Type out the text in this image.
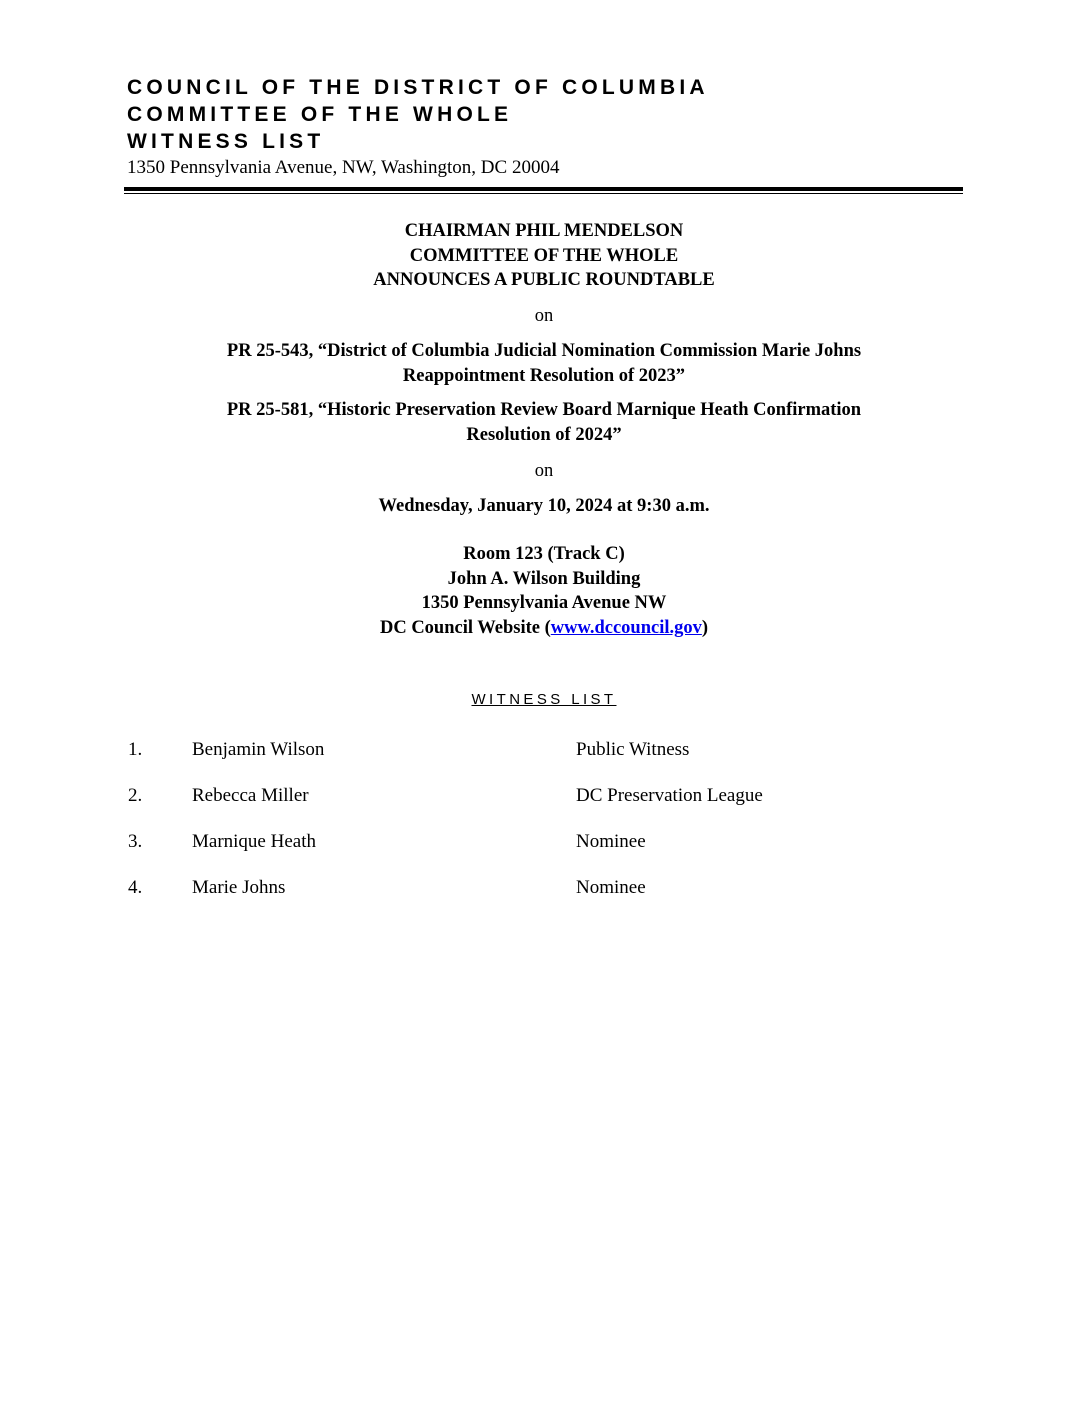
COUNCIL OF THE DISTRICT OF COLUMBIA
COMMITTEE OF THE WHOLE
WITNESS LIST
1350 Pennsylvania Avenue, NW, Washington, DC 20004
CHAIRMAN PHIL MENDELSON
COMMITTEE OF THE WHOLE
ANNOUNCES A PUBLIC ROUNDTABLE
on
PR 25-543, “District of Columbia Judicial Nomination Commission Marie Johns
Reappointment Resolution of 2023”
PR 25-581, “Historic Preservation Review Board Marnique Heath Confirmation
Resolution of 2024”
on
Wednesday, January 10, 2024 at 9:30 a.m.
Room 123 (Track C)
John A. Wilson Building
1350 Pennsylvania Avenue NW
DC Council Website (www.dccouncil.gov)
WITNESS LIST
1.	Benjamin Wilson	Public Witness
2.	Rebecca Miller	DC Preservation League
3.	Marnique Heath	Nominee
4.	Marie Johns	Nominee
